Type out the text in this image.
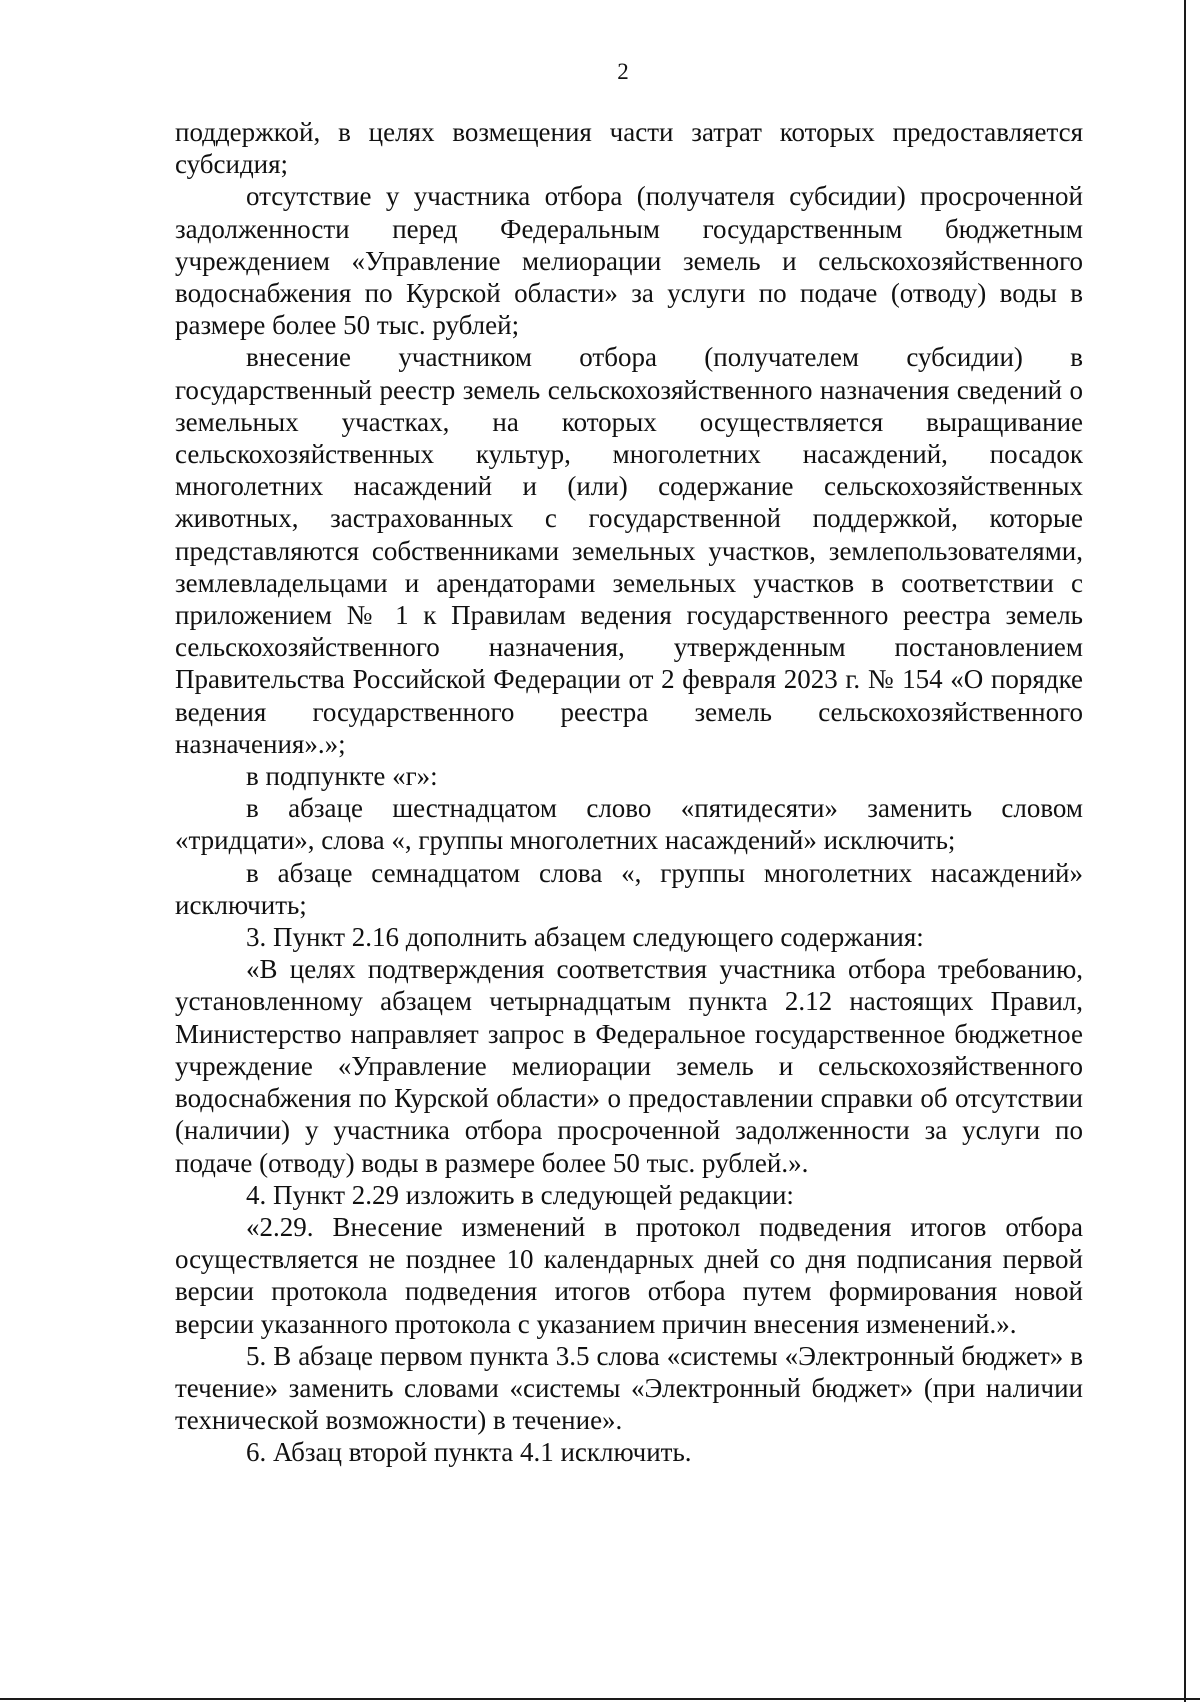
2

поддержкой, в целях возмещения части затрат которых предоставляется субсидия;

отсутствие у участника отбора (получателя субсидии) просроченной задолженности перед Федеральным государственным бюджетным учреждением «Управление мелиорации земель и сельскохозяйственного водоснабжения по Курской области» за услуги по подаче (отводу) воды в размере более 50 тыс. рублей;

внесение участником отбора (получателем субсидии) в государственный реестр земель сельскохозяйственного назначения сведений о земельных участках, на которых осуществляется выращивание сельскохозяйственных культур, многолетних насаждений, посадок многолетних насаждений и (или) содержание сельскохозяйственных животных, застрахованных с государственной поддержкой, которые представляются собственниками земельных участков, землепользователями, землевладельцами и арендаторами земельных участков в соответствии с приложением № 1 к Правилам ведения государственного реестра земель сельскохозяйственного назначения, утвержденным постановлением Правительства Российской Федерации от 2 февраля 2023 г. № 154 «О порядке ведения государственного реестра земель сельскохозяйственного назначения».»;

в подпункте «г»:

в абзаце шестнадцатом слово «пятидесяти» заменить словом «тридцати», слова «, группы многолетних насаждений» исключить;

в абзаце семнадцатом слова «, группы многолетних насаждений» исключить;

3. Пункт 2.16 дополнить абзацем следующего содержания:

«В целях подтверждения соответствия участника отбора требованию, установленному абзацем четырнадцатым пункта 2.12 настоящих Правил, Министерство направляет запрос в Федеральное государственное бюджетное учреждение «Управление мелиорации земель и сельскохозяйственного водоснабжения по Курской области» о предоставлении справки об отсутствии (наличии) у участника отбора просроченной задолженности за услуги по подаче (отводу) воды в размере более 50 тыс. рублей.».

4. Пункт 2.29 изложить в следующей редакции:

«2.29. Внесение изменений в протокол подведения итогов отбора осуществляется не позднее 10 календарных дней со дня подписания первой версии протокола подведения итогов отбора путем формирования новой версии указанного протокола с указанием причин внесения изменений.».

5. В абзаце первом пункта 3.5 слова «системы «Электронный бюджет» в течение» заменить словами «системы «Электронный бюджет» (при наличии технической возможности) в течение».

6. Абзац второй пункта 4.1 исключить.
